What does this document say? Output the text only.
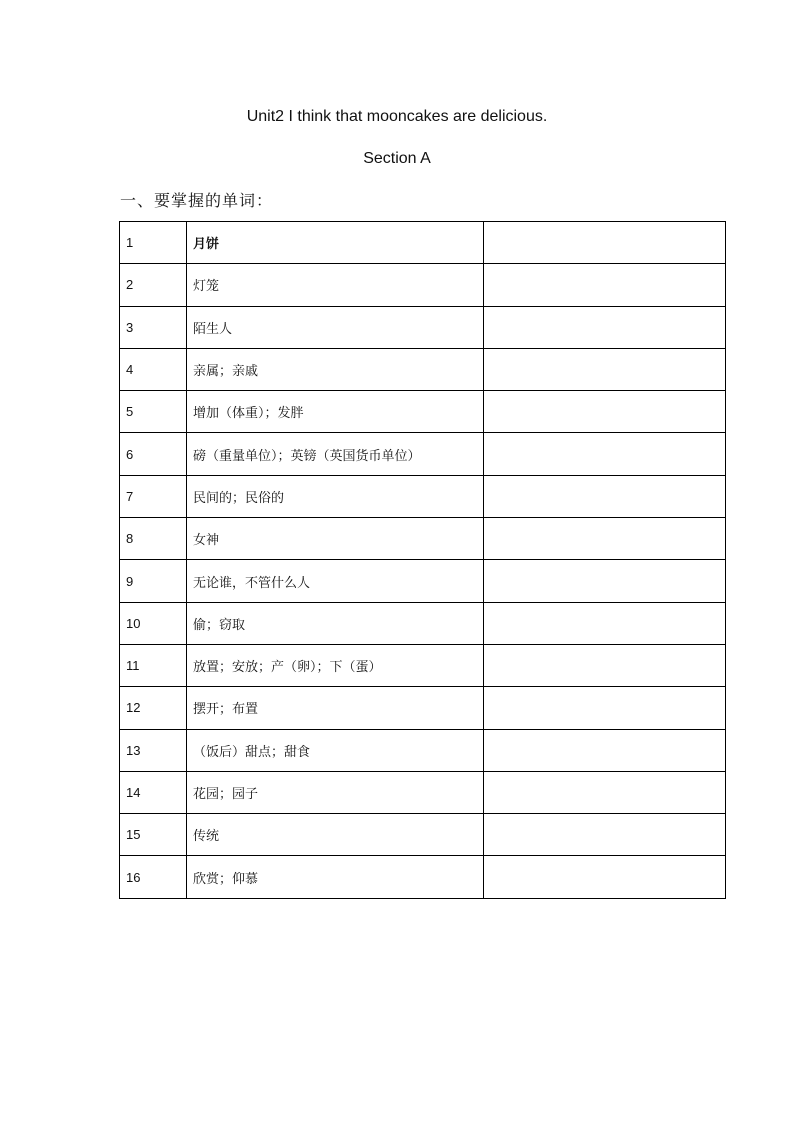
Unit2 I think that mooncakes are delicious.
Section A
一、要掌握的单词：
1	月饼	
2	灯笼	
3	陌生人	
4	亲属；亲戚	
5	增加（体重）；发胖	
6	磅（重量单位）；英镑（英国货币单位）	
7	民间的；民俗的	
8	女神	
9	无论谁，不管什么人	
10	偷；窃取	
11	放置；安放；产（卵）；下（蛋）	
12	摆开；布置	
13	（饭后）甜点；甜食	
14	花园；园子	
15	传统	
16	欣赏；仰慕	
